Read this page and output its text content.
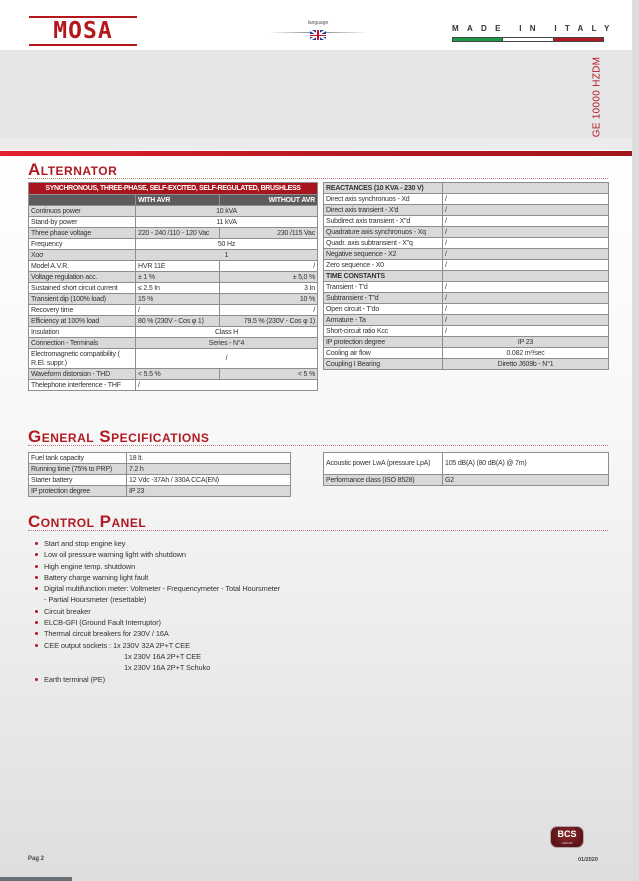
MOSA	language
MADE IN ITALY
GE 10000 HZDM
Alternator
SYNCHRONOUS, THREE-PHASE, SELF-EXCITED, SELF-REGULATED, BRUSHLESS		
	WITH AVR	WITHOUT AVR
Continuos power	10 kVA	
Stand-by power	11 kVA	
Three phase voltage	220 - 240 /110 - 120 Vac	230 /115 Vac
Frequency	50 Hz	
Xοσ	1	
Model A.V.R.	HVR 11E	/
Voltage regulation acc.	± 1 %	± 5,0 %
Sustained short circuit current	≤ 2.5 In	3 In
Transient dip (100% load)	15 %	10 %
Recovery time	/	/
Efficiency at 100% load	80 % (230V - Cos φ 1)	79.5 % (230V - Cos φ 1)
Insulation	Class H	
Connection - Terminals	Series - N°4	
Electromagnetic compatibility ( R.El. suppr.)	/	
Waveform distorsion - THD	< 5.5 %	< 5 %
Thelephone interference - THF	/	
REACTANCES (10 KVA - 230 V)	
Direct axis synchronuos - Xd	/
Direct axis transient - X'd	/
Subdirect axis transient - X"d	/
Quadrature axis synchronuos - Xq	/
Quadr. axis subtransient - X"q	/
Negative sequence - X2	/
Zero sequence - X0	/
TIME CONSTANTS	
Transient - T'd	/
Subtransient - T"d	/
Open circuit - T'do	/
Armature - Ta	/
Short-circuit ratio Kcc	/
IP protection degree	IP 23
Cooling air flow	0.082 m³/sec
Coupling I Bearing	Diretto J609b - N°1
General Specifications
Fuel tank capacity	18 lt.
Running time (75% to PRP)	7.2 h
Starter battery	12 Vdc -37Ah / 330A CCA(EN)
IP protection degree	IP 23
Acoustic power LwA (pressure LpA)	105 dB(A) (80 dB(A) @ 7m)
Performance class (ISO 8528)	G2
Control Panel
Start and stop engine key
Low oil pressure warning light with shutdown
High engine temp. shutdown
Battery charge warning light fault
Digital multifunction meter: Voltmeter - Frequencymeter - Total Hoursmeter
- Partial Hoursmeter (resettable)
Circuit breaker
ELCB-GFI (Ground Fault Interruptor)
Thermal circuit breakers for 230V / 16A
CEE output sockets : 1x 230V 32A 2P+T CEE
1x 230V 16A 2P+T CEE
1x 230V 16A 2P+T Schuko
Earth terminal (PE)
Pag 2
BCS
GROUP
01/2020
